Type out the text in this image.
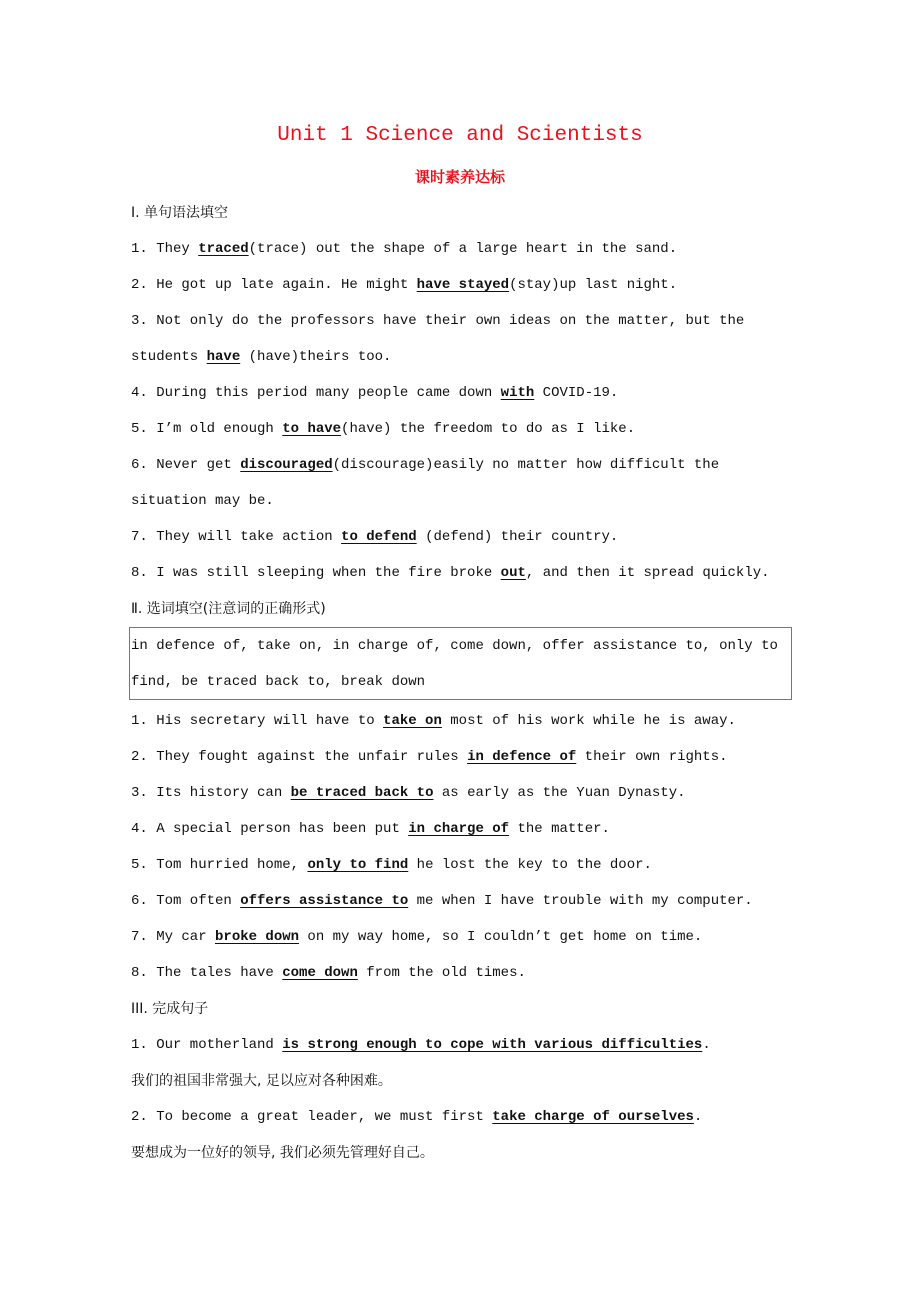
Unit 1 Science and Scientists
课时素养达标

Ⅰ. 单句语法填空

1. They traced(trace) out the shape of a large heart in the sand.

2. He got up late again. He might have stayed(stay)up last night.

3. Not only do the professors have their own ideas on the matter, but the students have (have)theirs too.

4. During this period many people came down with COVID-19.

5. I’m old enough to have(have) the freedom to do as I like.

6. Never get discouraged(discourage)easily no matter how difficult the situation may be.

7. They will take action to defend (defend) their country.

8. I was still sleeping when the fire broke out, and then it spread quickly.

Ⅱ. 选词填空(注意词的正确形式)

in defence of, take on, in charge of, come down, offer assistance to, only to find, be traced back to, break down

1. His secretary will have to take on most of his work while he is away.

2. They fought against the unfair rules in defence of their own rights.

3. Its history can be traced back to as early as the Yuan Dynasty.

4. A special person has been put in charge of the matter.

5. Tom hurried home, only to find he lost the key to the door.

6. Tom often offers assistance to me when I have trouble with my computer.

7. My car broke down on my way home, so I couldn’t get home on time.

8. The tales have come down from the old times.

III. 完成句子

1. Our motherland is strong enough to cope with various difficulties.

我们的祖国非常强大, 足以应对各种困难。

2. To become a great leader, we must first take charge of ourselves.

要想成为一位好的领导, 我们必须先管理好自己。
